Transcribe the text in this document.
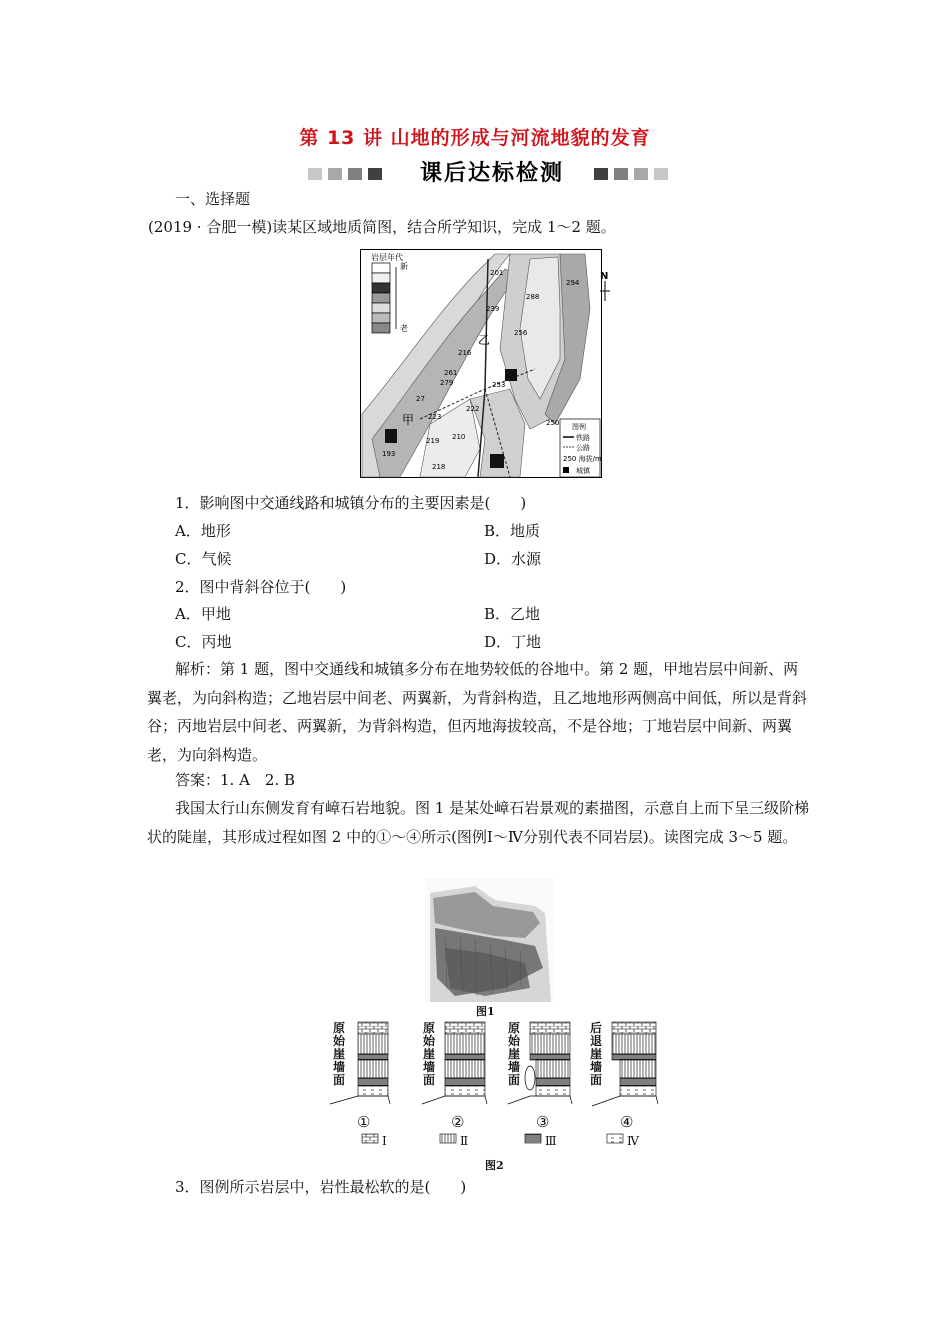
第 13 讲 山地的形成与河流地貌的发育
课后达标检测
一、选择题
(2019 · 合肥一模)读某区域地质简图，结合所学知识，完成 1～2 题。
岩层年代
新
老
N
乙
甲
201
239
288
294
256
216
261
279	253
222
223
250
219 210
218
193
27
图例
铁路
公路
250 海拔/m
城镇
1．影响图中交通线路和城镇分布的主要因素是(　　)
A．地形	B．地质
C．气候	D．水源
2．图中背斜谷位于(　　)
A．甲地	B．乙地
C．丙地	D．丁地
解析：第 1 题，图中交通线和城镇多分布在地势较低的谷地中。第 2 题，甲地岩层中间新、两翼老，为向斜构造；乙地岩层中间老、两翼新，为背斜构造，且乙地地形两侧高中间低，所以是背斜谷；丙地岩层中间老、两翼新，为背斜构造，但丙地海拔较高，不是谷地；丁地岩层中间新、两翼老，为向斜构造。
答案：1. A　2. B
我国太行山东侧发育有嶂石岩地貌。图 1 是某处嶂石岩景观的素描图，示意自上而下呈三级阶梯状的陡崖，其形成过程如图 2 中的①～④所示(图例Ⅰ～Ⅳ分别代表不同岩层)。读图完成 3～5 题。
图1
原始崖墙面
原始崖墙面
原始崖墙面
后退崖墙面
①	②	③	④
Ⅰ	Ⅱ	Ⅲ	Ⅳ
图2
3．图例所示岩层中，岩性最松软的是(　　)
